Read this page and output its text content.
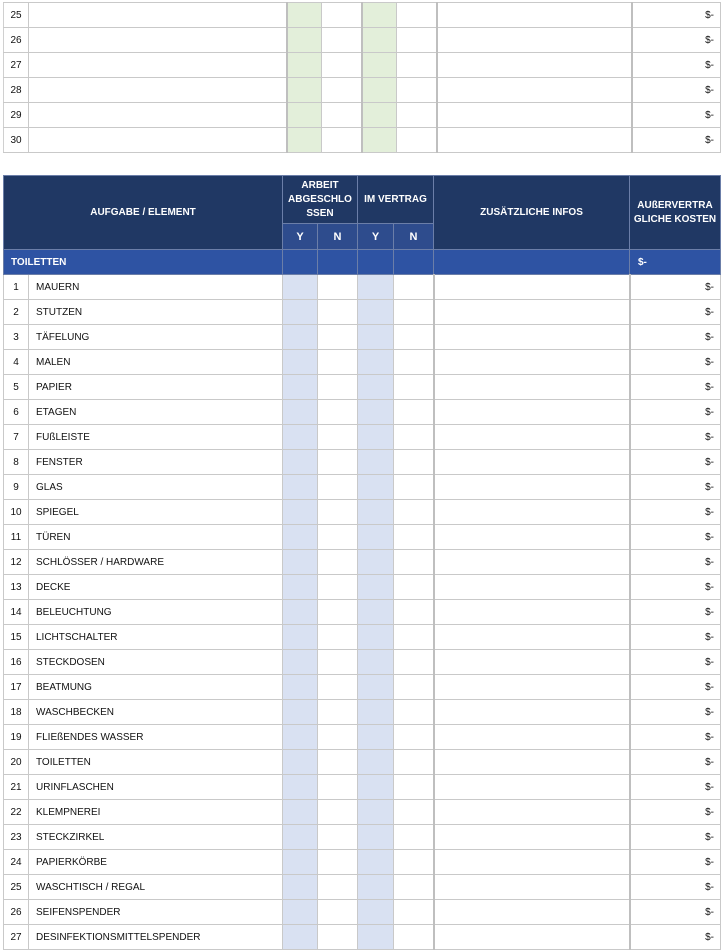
25							$-
26							$-
27							$-
28							$-
29							$-
30							$-
AUFGABE / ELEMENT		ARBEIT ABGESCHLO SSEN		IM VERTRAG		ZUSÄTZLICHE INFOS	AUßERVERTRA GLICHE KOSTEN
		Y	N	Y	N		
TOILETTEN							$-
1	MAUERN						$-
2	STUTZEN						$-
3	TÄFELUNG						$-
4	MALEN						$-
5	PAPIER						$-
6	ETAGEN						$-
7	FUßLEISTE						$-
8	FENSTER						$-
9	GLAS						$-
10	SPIEGEL						$-
11	TÜREN						$-
12	SCHLÖSSER / HARDWARE						$-
13	DECKE						$-
14	BELEUCHTUNG						$-
15	LICHTSCHALTER						$-
16	STECKDOSEN						$-
17	BEATMUNG						$-
18	WASCHBECKEN						$-
19	FLIEßENDES WASSER						$-
20	TOILETTEN						$-
21	URINFLASCHEN						$-
22	KLEMPNEREI						$-
23	STECKZIRKEL						$-
24	PAPIERKÖRBE						$-
25	WASCHTISCH / REGAL						$-
26	SEIFENSPENDER						$-
27	DESINFEKTIONSMITTELSPENDER						$-
